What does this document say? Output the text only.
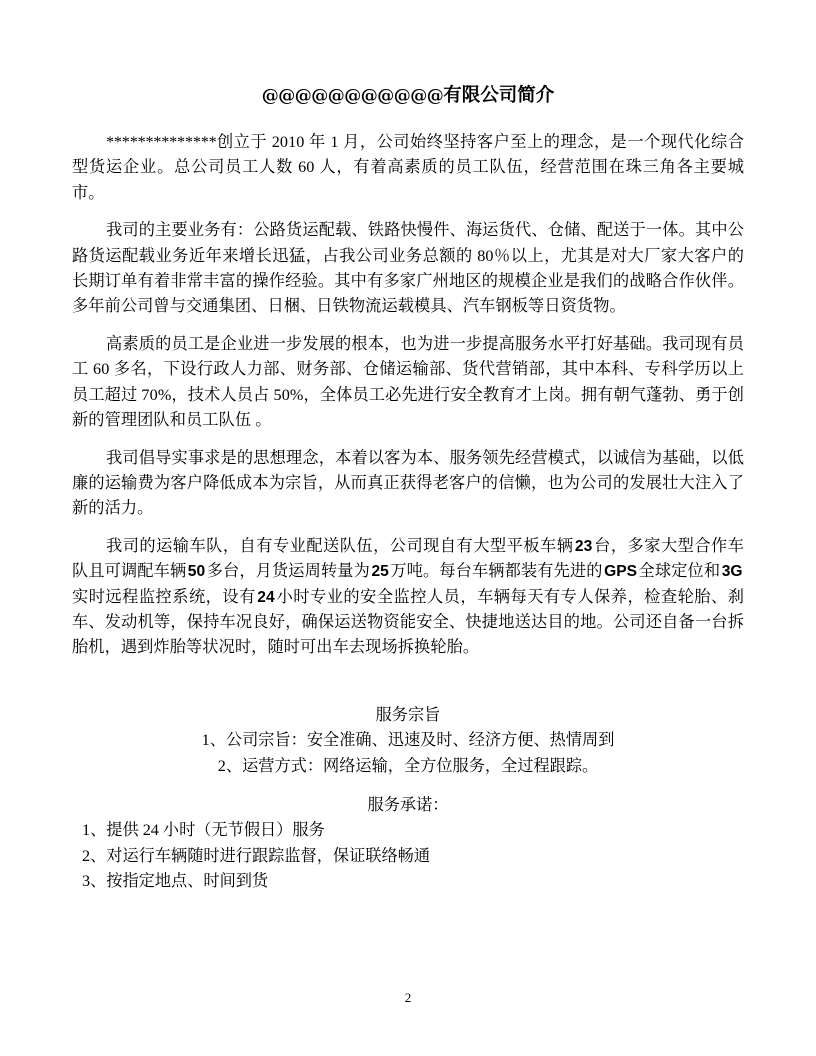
@@@@@@@@@@@有限公司简介

**************创立于 2010 年 1 月，公司始终坚持客户至上的理念，是一个现代化综合型货运企业。总公司员工人数 60 人，有着高素质的员工队伍，经营范围在珠三角各主要城市。

我司的主要业务有：公路货运配载、铁路快慢件、海运货代、仓储、配送于一体。其中公路货运配载业务近年来增长迅猛，占我公司业务总额的 80％以上，尤其是对大厂家大客户的长期订单有着非常丰富的操作经验。其中有多家广州地区的规模企业是我们的战略合作伙伴。多年前公司曾与交通集团、日梱、日铁物流运载模具、汽车钢板等日资货物。

高素质的员工是企业进一步发展的根本，也为进一步提高服务水平打好基础。我司现有员工 60 多名，下设行政人力部、财务部、仓储运输部、货代营销部，其中本科、专科学历以上员工超过 70%，技术人员占 50%，全体员工必先进行安全教育才上岗。拥有朝气蓬勃、勇于创新的管理团队和员工队伍 。

我司倡导实事求是的思想理念，本着以客为本、服务领先经营模式，以诚信为基础，以低廉的运输费为客户降低成本为宗旨，从而真正获得老客户的信懒，也为公司的发展壮大注入了新的活力。

我司的运输车队，自有专业配送队伍，公司现自有大型平板车辆23台，多家大型合作车队且可调配车辆50多台，月货运周转量为25万吨。每台车辆都装有先进的GPS全球定位和3G实时远程监控系统，设有24小时专业的安全监控人员，车辆每天有专人保养，检查轮胎、刹车、发动机等，保持车况良好，确保运送物资能安全、快捷地送达目的地。公司还自备一台拆胎机，遇到炸胎等状况时，随时可出车去现场拆换轮胎。

服务宗旨
1、公司宗旨：安全准确、迅速及时、经济方便、热情周到
2、运营方式：网络运输，全方位服务，全过程跟踪。
服务承诺：
1、提供 24 小时（无节假日）服务
2、对运行车辆随时进行跟踪监督，保证联络畅通
3、按指定地点、时间到货
2
